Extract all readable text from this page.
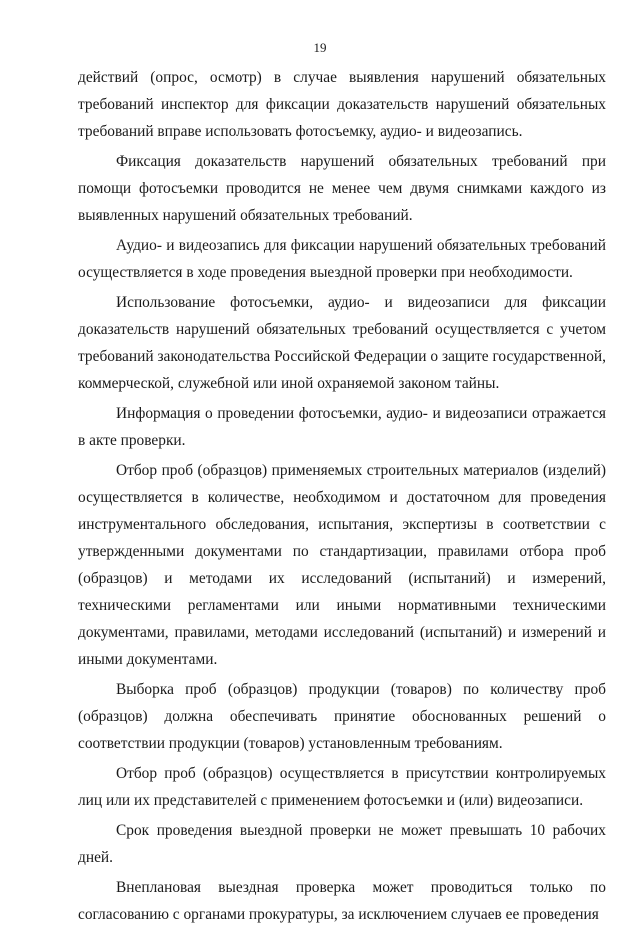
19

действий (опрос, осмотр) в случае выявления нарушений обязательных требований инспектор для фиксации доказательств нарушений обязательных требований вправе использовать фотосъемку, аудио- и видеозапись.

Фиксация доказательств нарушений обязательных требований при помощи фотосъемки проводится не менее чем двумя снимками каждого из выявленных нарушений обязательных требований.

Аудио- и видеозапись для фиксации нарушений обязательных требований осуществляется в ходе проведения выездной проверки при необходимости.

Использование фотосъемки, аудио- и видеозаписи для фиксации доказательств нарушений обязательных требований осуществляется с учетом требований законодательства Российской Федерации о защите государственной, коммерческой, служебной или иной охраняемой законом тайны.

Информация о проведении фотосъемки, аудио- и видеозаписи отражается в акте проверки.

Отбор проб (образцов) применяемых строительных материалов (изделий) осуществляется в количестве, необходимом и достаточном для проведения инструментального обследования, испытания, экспертизы в соответствии с утвержденными документами по стандартизации, правилами отбора проб (образцов) и методами их исследований (испытаний) и измерений, техническими регламентами или иными нормативными техническими документами, правилами, методами исследований (испытаний) и измерений и иными документами.

Выборка проб (образцов) продукции (товаров) по количеству проб (образцов) должна обеспечивать принятие обоснованных решений о соответствии продукции (товаров) установленным требованиям.

Отбор проб (образцов) осуществляется в присутствии контролируемых лиц или их представителей с применением фотосъемки и (или) видеозаписи.

Срок проведения выездной проверки не может превышать 10 рабочих дней.

Внеплановая выездная проверка может проводиться только по согласованию с органами прокуратуры, за исключением случаев ее проведения
